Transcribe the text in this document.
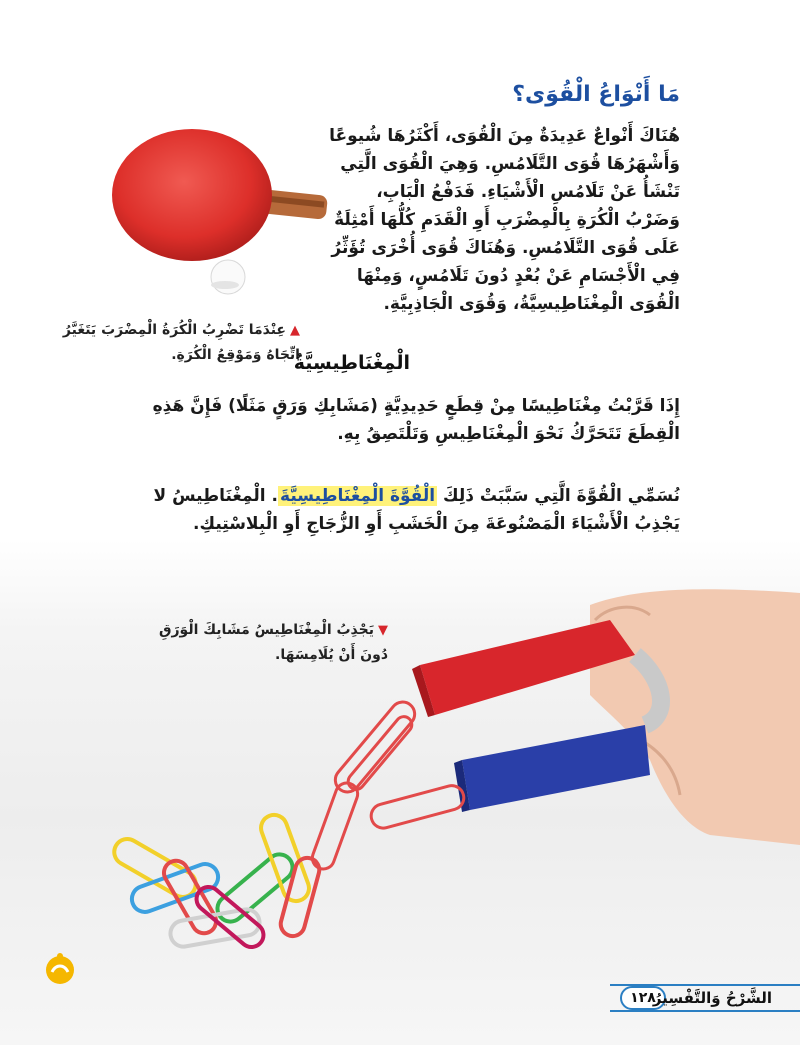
مَا أَنْوَاعُ الْقُوَى؟

هُنَاكَ أَنْواعٌ عَدِيدَةٌ مِنَ الْقُوَى، أَكْثَرُهَا شُيوعًا وَأَشْهَرُهَا قُوَى التَّلَامُسِ. وَهِيَ الْقُوَى الَّتِي تَنْشَأُ عَنْ تَلَامُسِ الْأَشْيَاءِ. فَدَفْعُ الْبَابِ، وَضَرْبُ الْكُرَةِ بِالْمِضْرَبِ أَوِ الْقَدَمِ كُلُّهَا أَمْثِلَةٌ عَلَى قُوَى التَّلَامُسِ. وَهُنَاكَ قُوَى أُخْرَى تُؤَثِّرُ فِي الْأَجْسَامِ عَنْ بُعْدٍ دُونَ تَلَامُسٍ، وَمِنْهَا الْقُوَى الْمِغْنَاطِيسِيَّةُ، وَقُوَى الْجَاذِبِيَّةِ.

▲عِنْدَمَا تَضْرِبُ الْكُرَةُ الْمِضْرَبَ يَتَغَيَّرُ اتِّجَاهُ وَمَوْقِعُ الْكُرَةِ.

الْمِغْنَاطِيسِيَّةُ

إِذَا قَرَّبْتُ مِغْنَاطِيسًا مِنْ قِطَعٍ حَدِيدِيَّةٍ (مَشَابِكِ وَرَقٍ مَثَلًا) فَإِنَّ هَذِهِ الْقِطَعَ تَتَحَرَّكُ نَحْوَ الْمِغْنَاطِيسِ وَتَلْتَصِقُ بِهِ.

نُسَمِّي الْقُوَّةَ الَّتِي سَبَّبَتْ ذَلِكَ الْقُوَّةَ الْمِغْنَاطِيسِيَّةَ. الْمِغْنَاطِيسُ لا يَجْذِبُ الْأَشْيَاءَ الْمَصْنُوعَةَ مِنَ الْخَشَبِ أَوِ الزُّجَاجِ أَوِ الْبِلاسْتِيكِ.

▼يَجْذِبُ الْمِغْنَاطِيسُ مَشَابِكَ الْوَرَقِ دُونَ أَنْ يُلَامِسَهَا.

١٢٨

الشَّرْحُ وَالتَّفْسِيرُ
